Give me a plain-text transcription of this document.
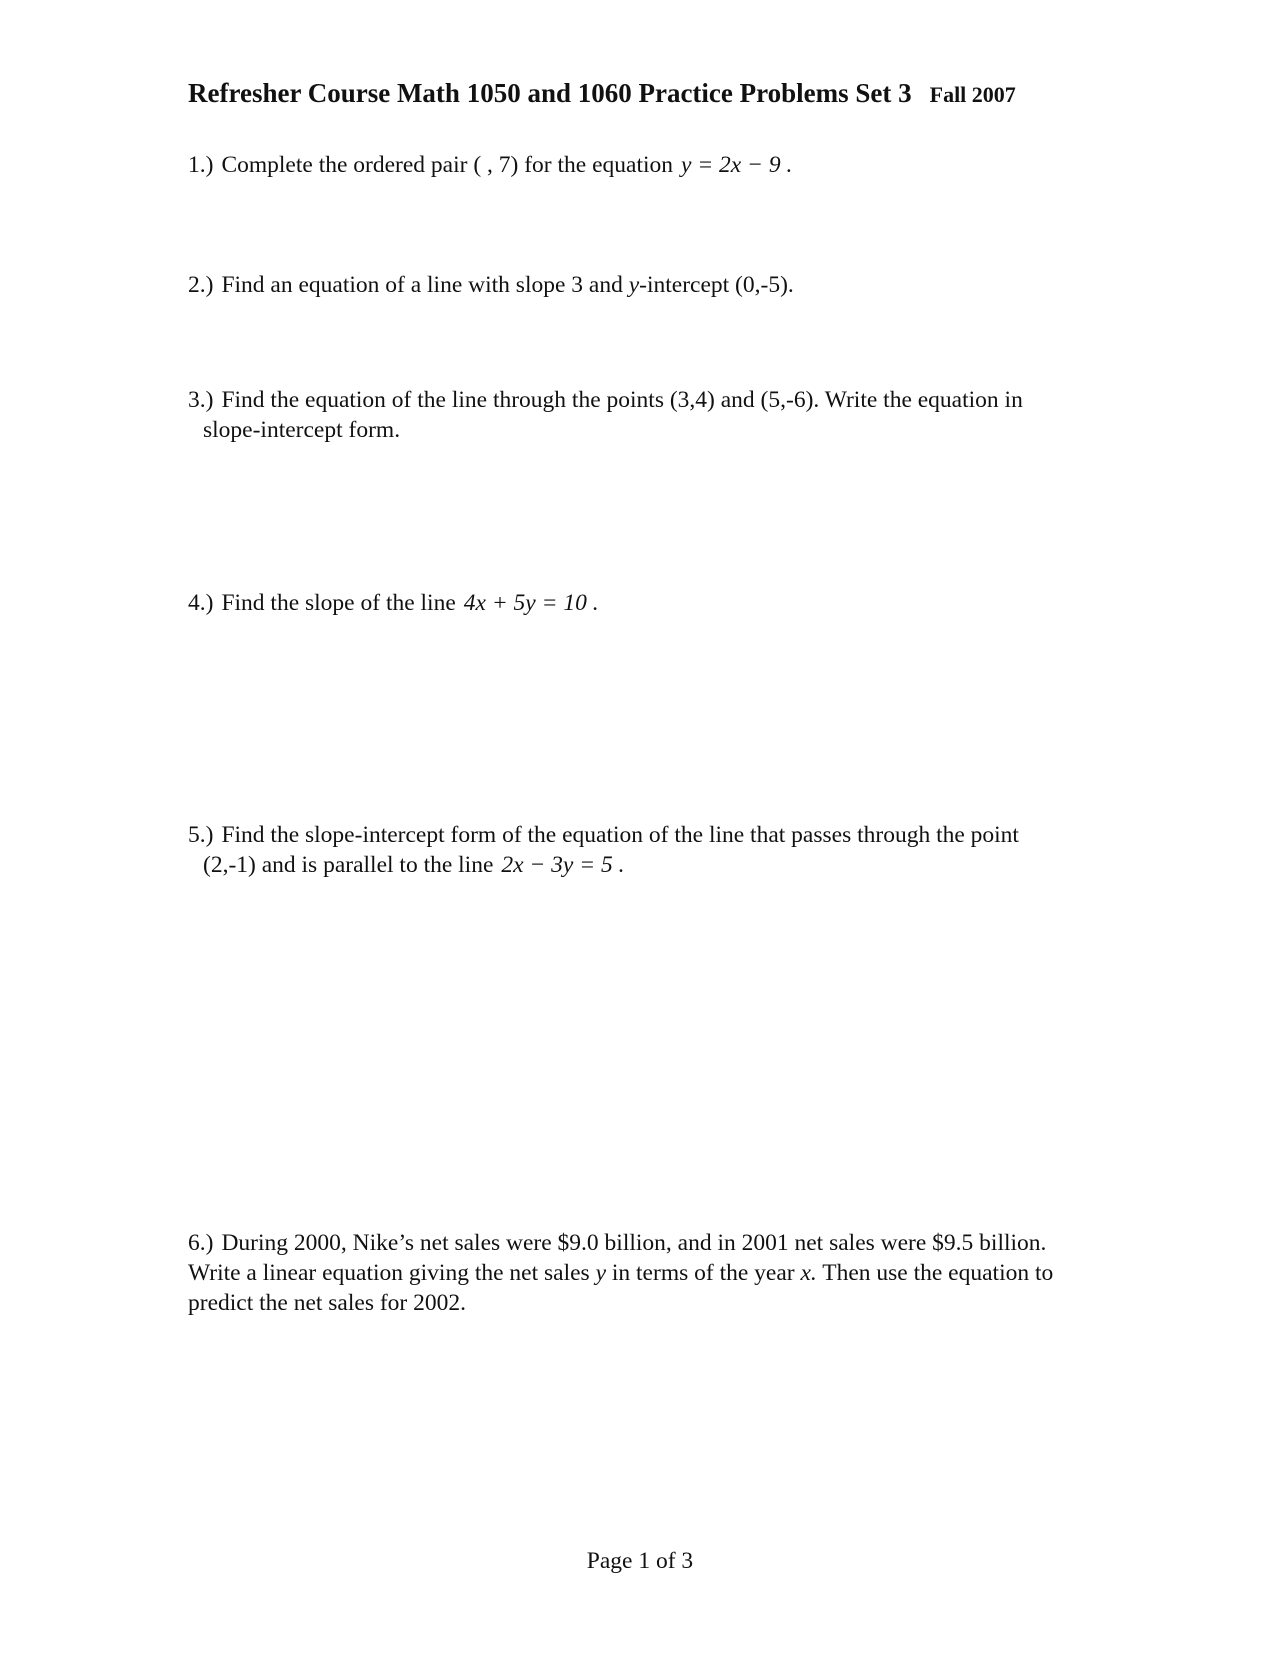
Refresher Course Math 1050 and 1060 Practice Problems Set 3 Fall 2007
1.) Complete the ordered pair ( , 7) for the equation y = 2x − 9 .
2.) Find an equation of a line with slope 3 and y-intercept (0,-5).
3.) Find the equation of the line through the points (3,4) and (5,-6). Write the equation in
slope-intercept form.
4.) Find the slope of the line 4x + 5y = 10 .
5.) Find the slope-intercept form of the equation of the line that passes through the point
(2,-1) and is parallel to the line 2x − 3y = 5 .
6.) During 2000, Nike’s net sales were $9.0 billion, and in 2001 net sales were $9.5 billion. Write a linear equation giving the net sales y in terms of the year x. Then use the equation to predict the net sales for 2002.
Page 1 of 3
